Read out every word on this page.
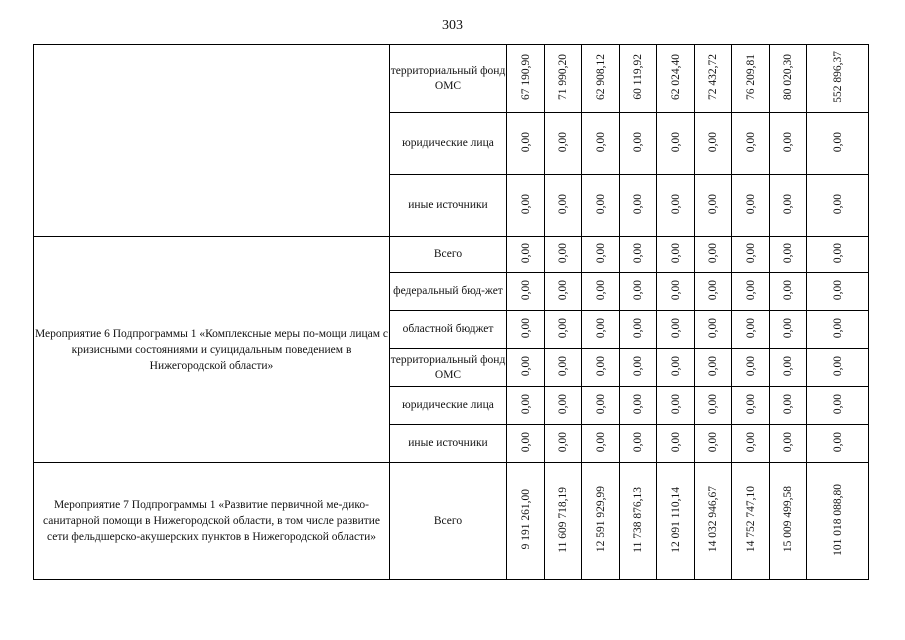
303
	территориальный фонд ОМС	67 190,90	71 990,20	62 908,12	60 119,92	62 024,40	72 432,72	76 209,81	80 020,30	552 896,37
	юридические лица	0,00	0,00	0,00	0,00	0,00	0,00	0,00	0,00	0,00
	иные источники	0,00	0,00	0,00	0,00	0,00	0,00	0,00	0,00	0,00
Мероприятие 6 Подпрограммы 1 «Комплексные меры по-мощи лицам с кризисными состояниями и суицидальным поведением в Нижегородской области»	Всего	0,00	0,00	0,00	0,00	0,00	0,00	0,00	0,00	0,00
	федеральный бюд-жет	0,00	0,00	0,00	0,00	0,00	0,00	0,00	0,00	0,00
	областной бюджет	0,00	0,00	0,00	0,00	0,00	0,00	0,00	0,00	0,00
	территориальный фонд ОМС	0,00	0,00	0,00	0,00	0,00	0,00	0,00	0,00	0,00
	юридические лица	0,00	0,00	0,00	0,00	0,00	0,00	0,00	0,00	0,00
	иные источники	0,00	0,00	0,00	0,00	0,00	0,00	0,00	0,00	0,00
Мероприятие 7 Подпрограммы 1 «Развитие первичной ме-дико-санитарной помощи в Нижегородской области, в том числе развитие сети фельдшерско-акушерских пунктов в Нижегородской области»	Всего	9 191 261,00	11 609 718,19	12 591 929,99	11 738 876,13	12 091 110,14	14 032 946,67	14 752 747,10	15 009 499,58	101 018 088,80
